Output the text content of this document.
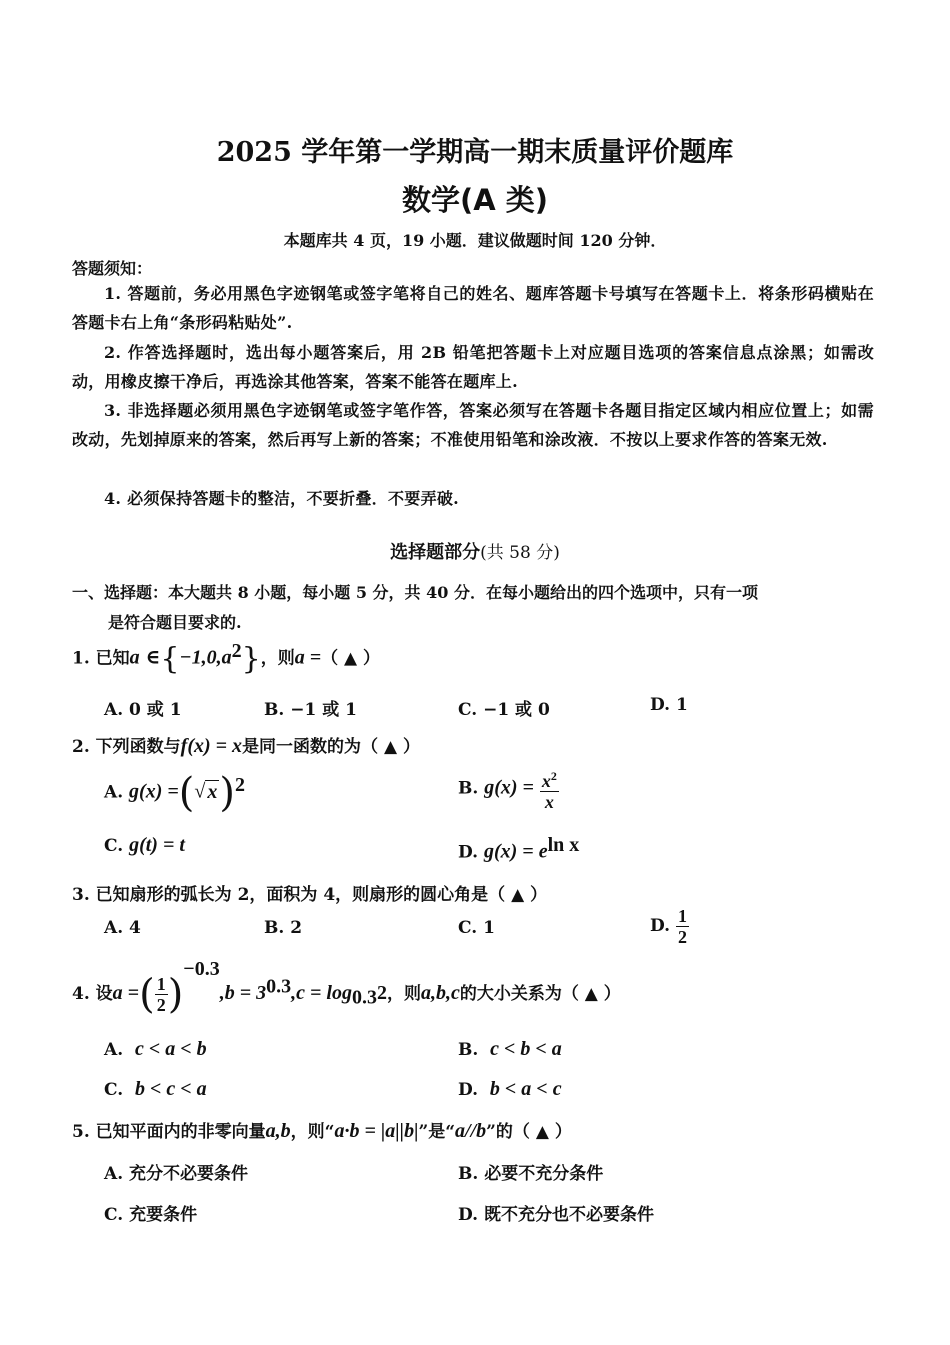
2025 学年第一学期高一期末质量评价题库
数学(A 类)
本题库共 4 页，19 小题．建议做题时间 120 分钟．
答题须知：
1. 答题前，务必用黑色字迹钢笔或签字笔将自己的姓名、题库答题卡号填写在答题卡上．将条形码横贴在答题卡右上角“条形码粘贴处”.
2. 作答选择题时，选出每小题答案后，用 2B 铅笔把答题卡上对应题目选项的答案信息点涂黑；如需改动，用橡皮擦干净后，再选涂其他答案，答案不能答在题库上.
3. 非选择题必须用黑色字迹钢笔或签字笔作答，答案必须写在答题卡各题目指定区域内相应位置上；如需改动，先划掉原来的答案，然后再写上新的答案；不准使用铅笔和涂改液．不按以上要求作答的答案无效.
4. 必须保持答题卡的整洁，不要折叠．不要弄破.
选择题部分(共 58 分)
一、选择题：本大题共 8 小题，每小题 5 分，共 40 分．在每小题给出的四个选项中，只有一项
是符合题目要求的.
1. 已知a $\in\{-1,0,a^2\}$，则a =（ ▲ ）
A. 0 或 1	B. −1 或 1	C. −1 或 0	D. 1
2. 下列函数与f(x) = x是同一函数的为（ ▲ ）
A. g(x) =(√ x)$^2$	B. $g(x) = \frac{x^2}{x}$
C. g(t) = t	D. $g(x) = e^{ln x}$
3. 已知扇形的弧长为 2，面积为 4，则扇形的圆心角是（ ▲ ）
A. 4	B. 2	C. 1	D. $\frac{1}{2}$
4. 设a =( $\frac{1}{2} )^{-0.3},b = 3^{0.3},c = \log_{0.3}2$，则a,b,c的大小关系为（ ▲ ）
A. c < a < b	B. c < b < a
C. b < c < a	D. b < a < c
5. 已知平面内的非零向量a,b，则“a·b = |a||b|”是“a//b”的（ ▲ ）
A. 充分不必要条件	B. 必要不充分条件
C. 充要条件	D. 既不充分也不必要条件
